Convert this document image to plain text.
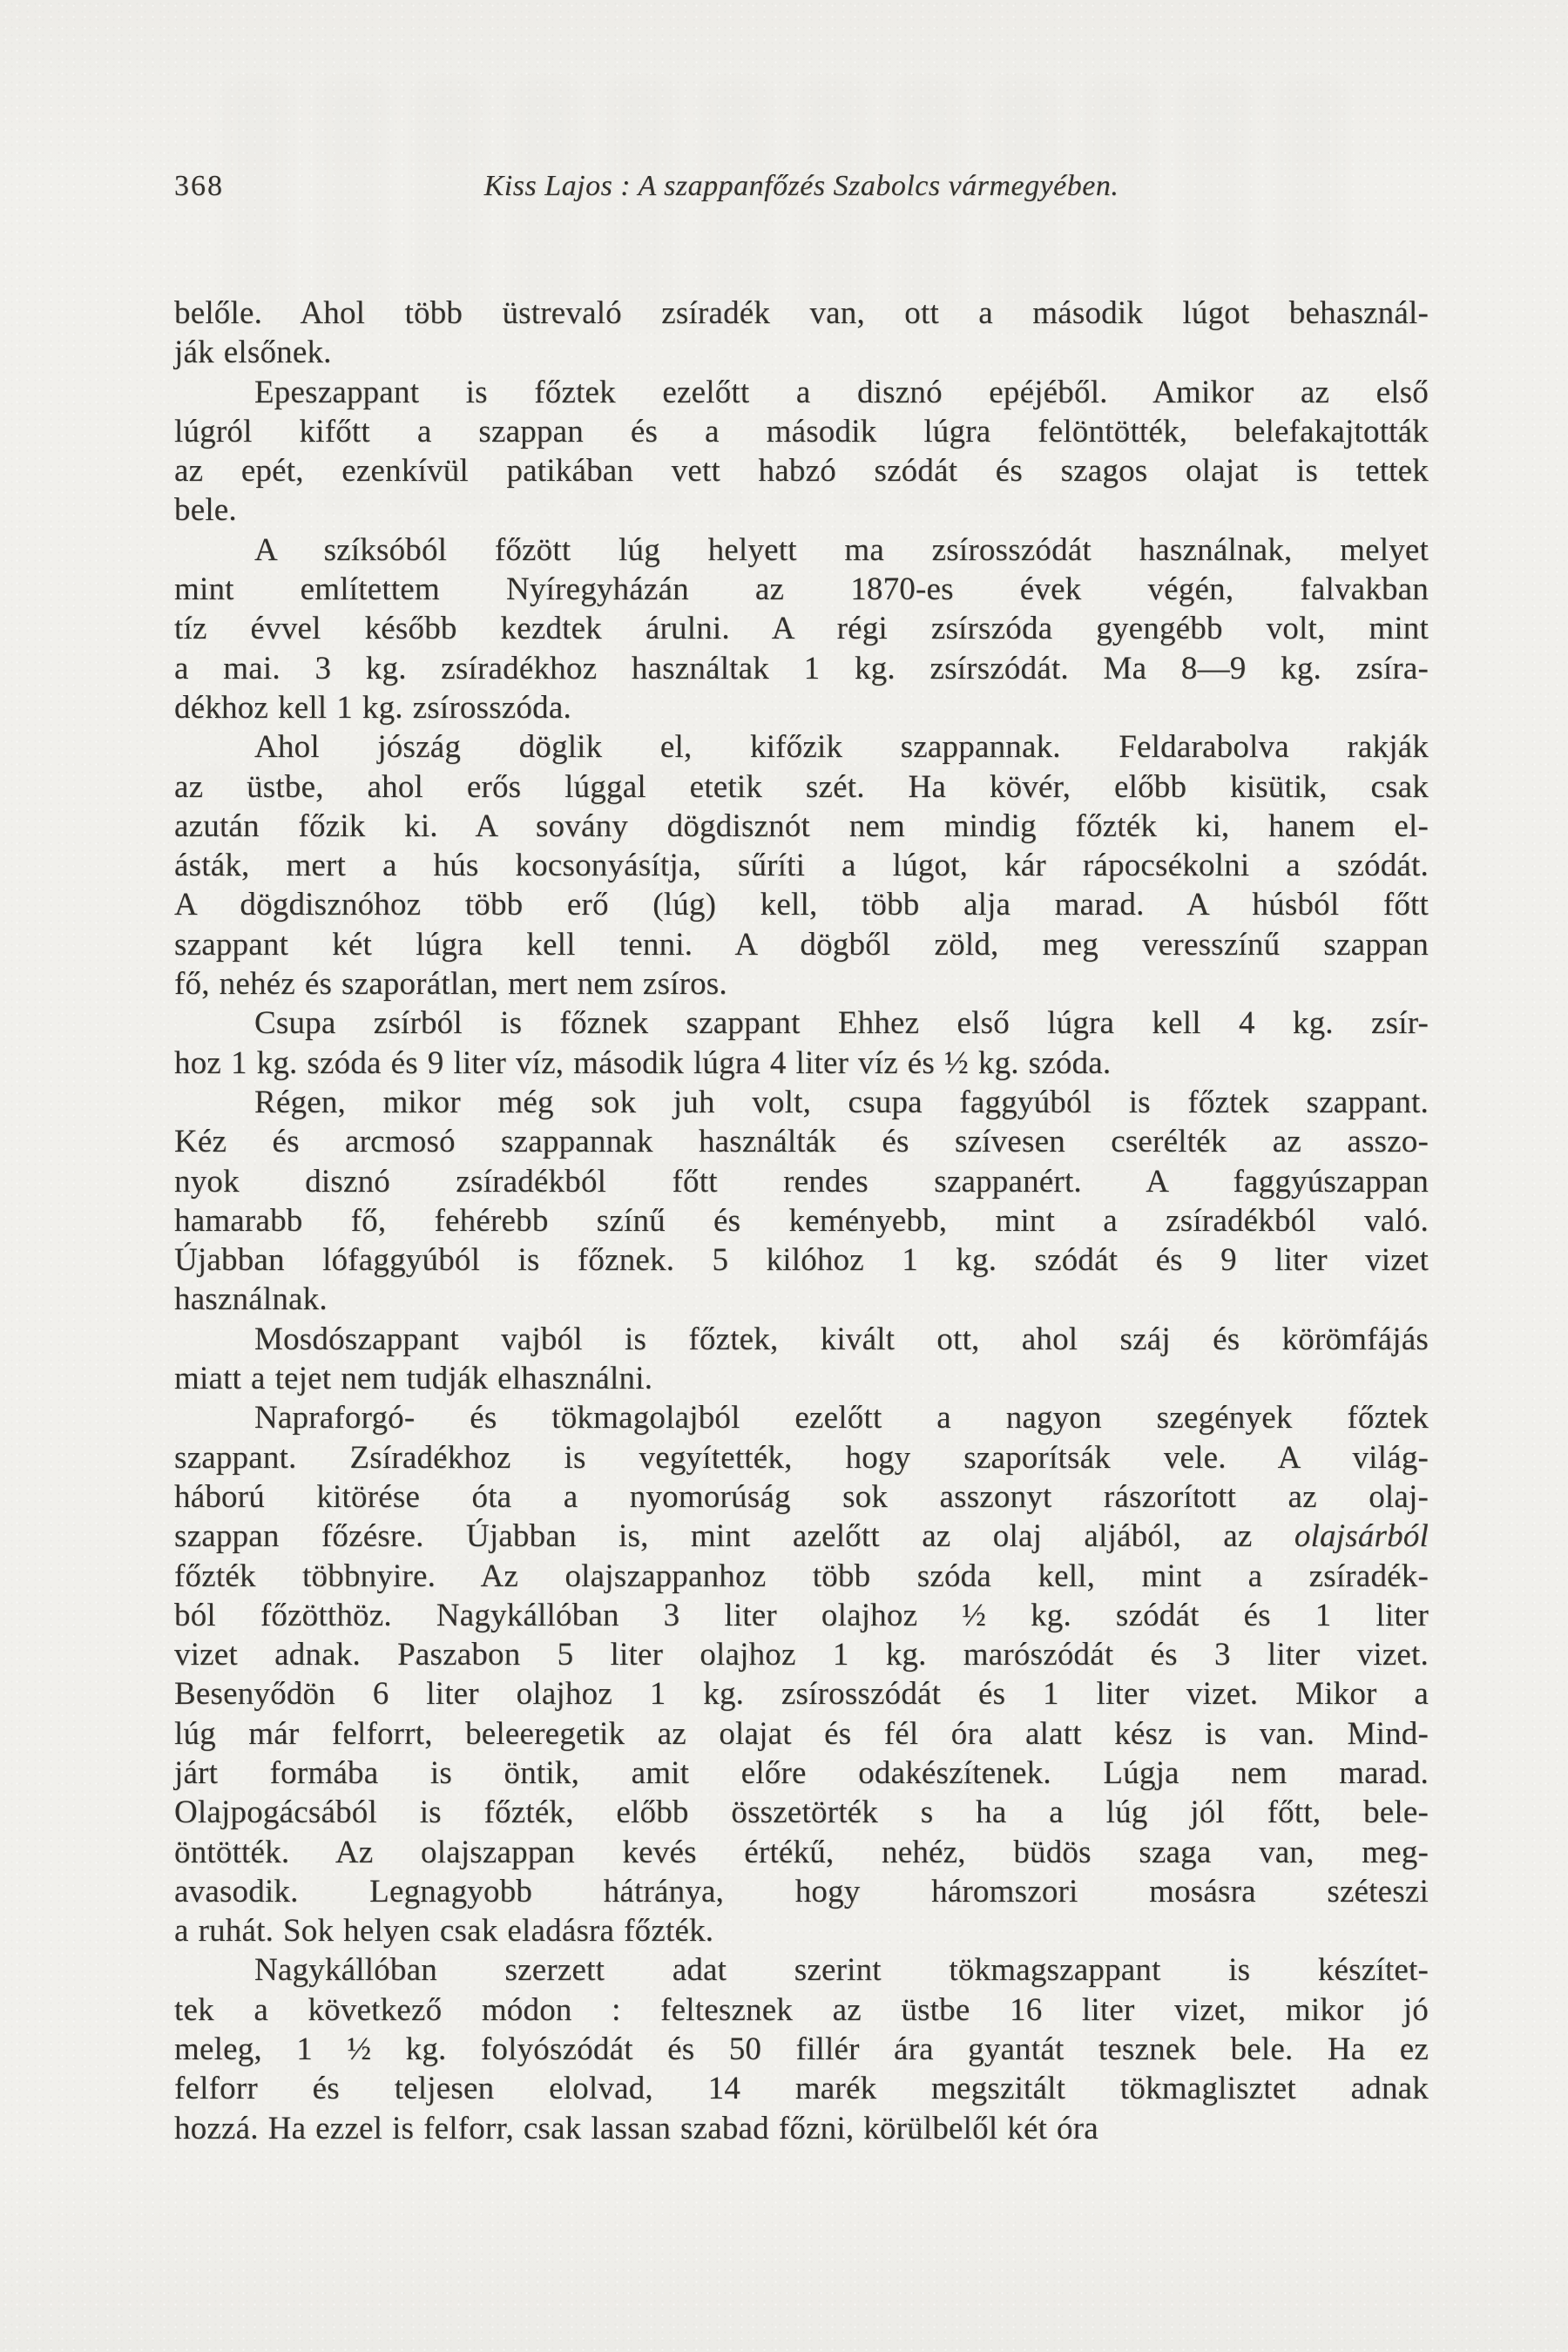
368	Kiss Lajos : A szappanfőzés Szabolcs vármegyében.
belőle. Ahol több üstrevaló zsíradék van, ott a második lúgot behasznál-
ják elsőnek.
Epeszappant is főztek ezelőtt a disznó epéjéből. Amikor az első
lúgról kifőtt a szappan és a második lúgra felöntötték, belefakajtották
az epét, ezenkívül patikában vett habzó szódát és szagos olajat is tettek
bele.
A szíksóból főzött lúg helyett ma zsírosszódát használnak, melyet
mint említettem Nyíregyházán az 1870-es évek végén, falvakban
tíz évvel később kezdtek árulni. A régi zsírszóda gyengébb volt, mint
a mai. 3 kg. zsíradékhoz használtak 1 kg. zsírszódát. Ma 8—9 kg. zsíra-
dékhoz kell 1 kg. zsírosszóda.
Ahol jószág döglik el, kifőzik szappannak. Feldarabolva rakják
az üstbe, ahol erős lúggal etetik szét. Ha kövér, előbb kisütik, csak
azután főzik ki. A sovány dögdisznót nem mindig főzték ki, hanem el-
ásták, mert a hús kocsonyásítja, sűríti a lúgot, kár rápocsékolni a szódát.
A dögdisznóhoz több erő (lúg) kell, több alja marad. A húsból főtt
szappant két lúgra kell tenni. A dögből zöld, meg veresszínű szappan
fő, nehéz és szaporátlan, mert nem zsíros.
Csupa zsírból is főznek szappant Ehhez első lúgra kell 4 kg. zsír-
hoz 1 kg. szóda és 9 liter víz, második lúgra 4 liter víz és ½ kg. szóda.
Régen, mikor még sok juh volt, csupa faggyúból is főztek szappant.
Kéz és arcmosó szappannak használták és szívesen cserélték az asszo-
nyok disznó zsíradékból főtt rendes szappanért. A faggyúszappan
hamarabb fő, fehérebb színű és keményebb, mint a zsíradékból való.
Újabban lófaggyúból is főznek. 5 kilóhoz 1 kg. szódát és 9 liter vizet
használnak.
Mosdószappant vajból is főztek, kivált ott, ahol száj és körömfájás
miatt a tejet nem tudják elhasználni.
Napraforgó- és tökmagolajból ezelőtt a nagyon szegények főztek
szappant. Zsíradékhoz is vegyítették, hogy szaporítsák vele. A világ-
háború kitörése óta a nyomorúság sok asszonyt rászorított az olaj-
szappan főzésre. Újabban is, mint azelőtt az olaj aljából, az olajsárból
főzték többnyire. Az olajszappanhoz több szóda kell, mint a zsíradék-
ból főzötthöz. Nagykállóban 3 liter olajhoz ½ kg. szódát és 1 liter
vizet adnak. Paszabon 5 liter olajhoz 1 kg. marószódát és 3 liter vizet.
Besenyődön 6 liter olajhoz 1 kg. zsírosszódát és 1 liter vizet. Mikor a
lúg már felforrt, beleeregetik az olajat és fél óra alatt kész is van. Mind-
járt formába is öntik, amit előre odakészítenek. Lúgja nem marad.
Olajpogácsából is főzték, előbb összetörték s ha a lúg jól főtt, bele-
öntötték. Az olajszappan kevés értékű, nehéz, büdös szaga van, meg-
avasodik. Legnagyobb hátránya, hogy háromszori mosásra széteszi
a ruhát. Sok helyen csak eladásra főzték.
Nagykállóban szerzett adat szerint tökmagszappant is készítet-
tek a következő módon : feltesznek az üstbe 16 liter vizet, mikor jó
meleg, 1 ½ kg. folyószódát és 50 fillér ára gyantát tesznek bele. Ha ez
felforr és teljesen elolvad, 14 marék megszitált tökmaglisztet adnak
hozzá. Ha ezzel is felforr, csak lassan szabad főzni, körülbelől két óra
